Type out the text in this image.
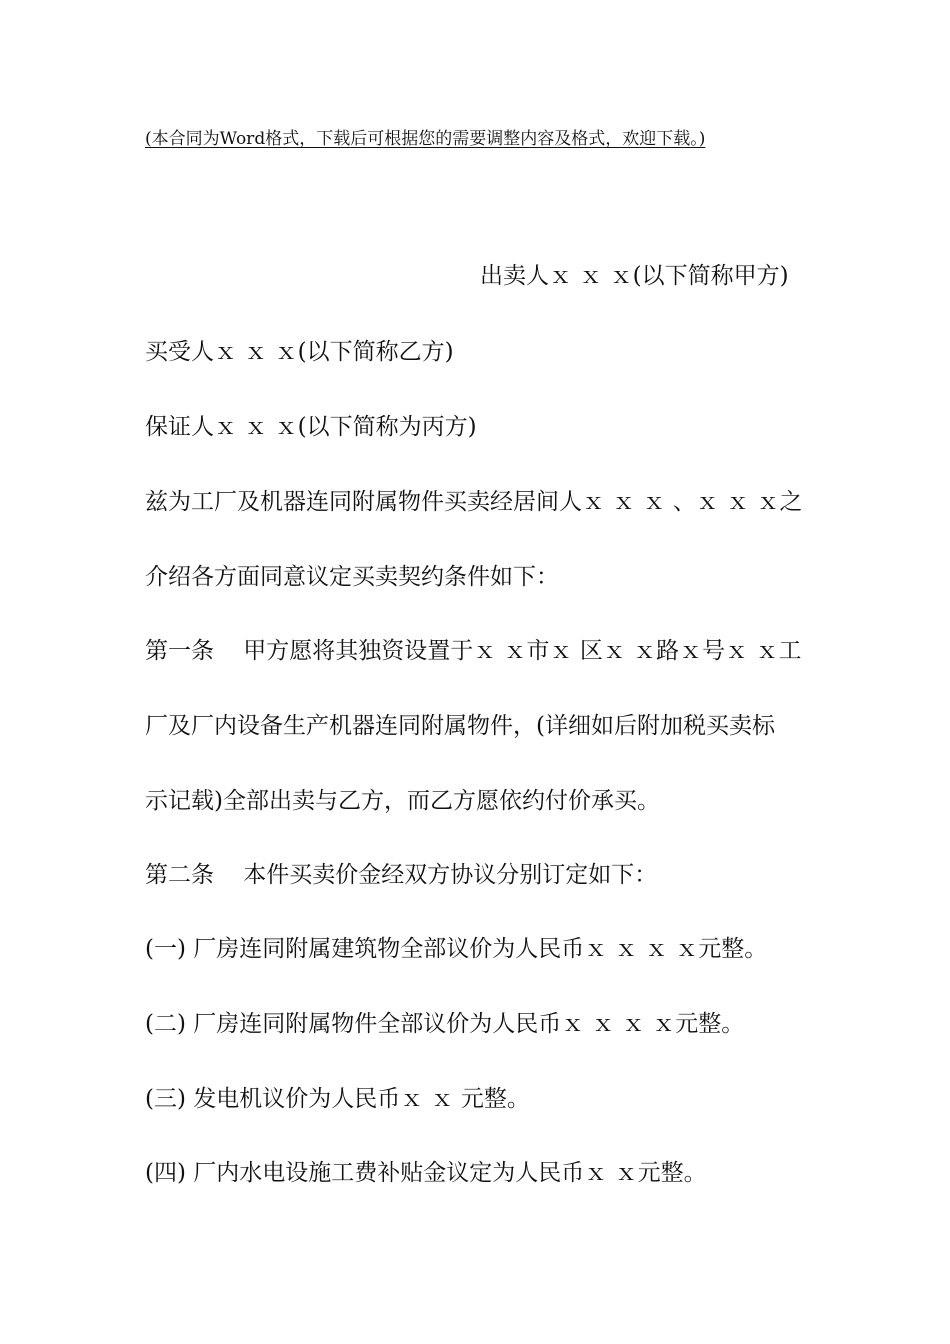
(本合同为Word格式，下载后可根据您的需要调整内容及格式，欢迎下载。)
出卖人ｘ ｘ ｘ(以下简称甲方)
买受人ｘ ｘ ｘ(以下简称乙方)
保证人ｘ ｘ ｘ(以下简称为丙方)
兹为工厂及机器连同附属物件买卖经居间人ｘ ｘ ｘ 、ｘ ｘ ｘ之
介绍各方面同意议定买卖契约条件如下：
第一条    甲方愿将其独资设置于ｘ ｘ市ｘ 区ｘ ｘ路ｘ号ｘ ｘ工
厂及厂内设备生产机器连同附属物件，(详细如后附加税买卖标
示记载)全部出卖与乙方，而乙方愿依约付价承买。
第二条    本件买卖价金经双方协议分别订定如下：
(一) 厂房连同附属建筑物全部议价为人民币ｘ ｘ ｘ ｘ元整。
(二) 厂房连同附属物件全部议价为人民币ｘ ｘ ｘ ｘ元整。
(三) 发电机议价为人民币ｘ ｘ 元整。
(四) 厂内水电设施工费补贴金议定为人民币ｘ ｘ元整。
